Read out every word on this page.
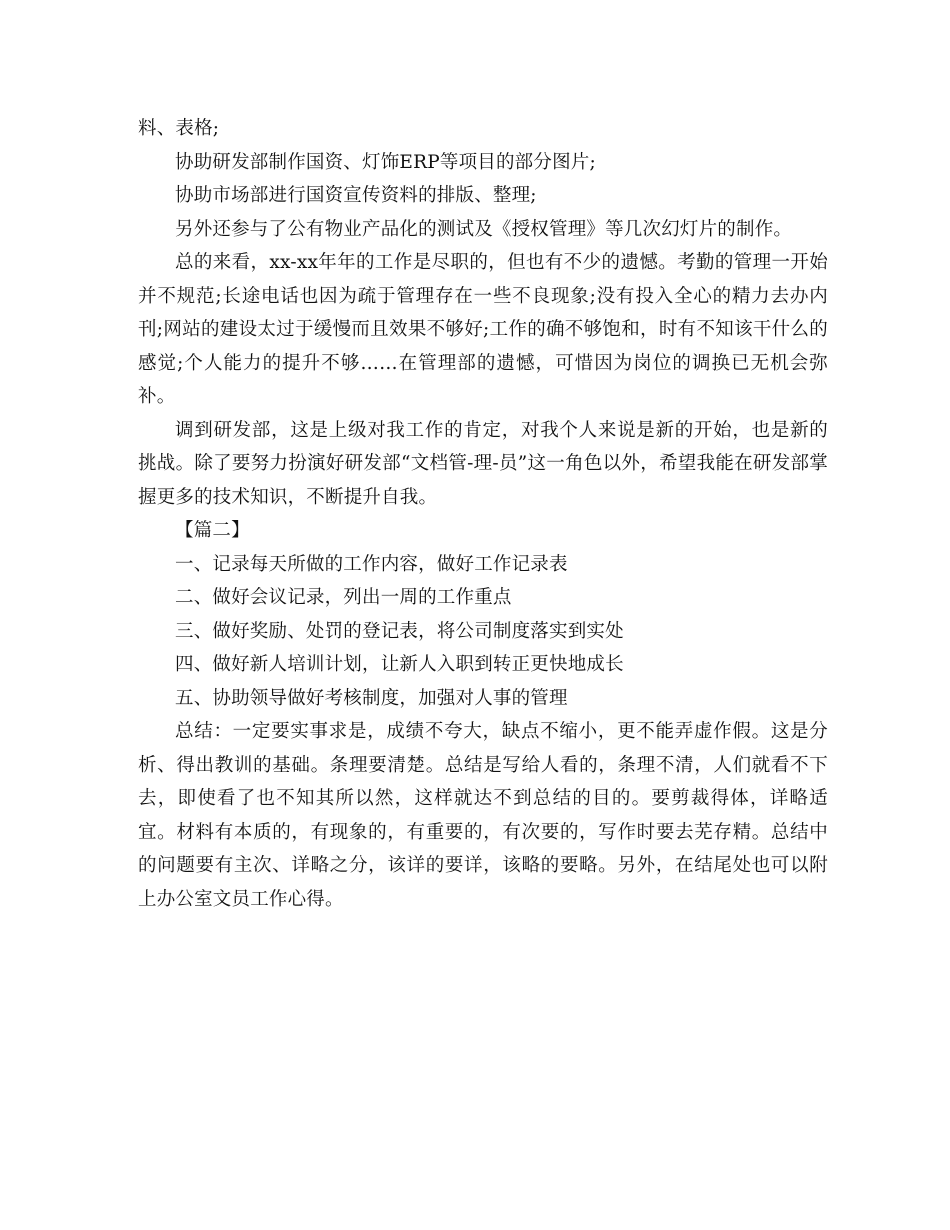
料、表格;

协助研发部制作国资、灯饰ERP等项目的部分图片;

协助市场部进行国资宣传资料的排版、整理;

另外还参与了公有物业产品化的测试及《授权管理》等几次幻灯片的制作。

总的来看，xx-xx年年的工作是尽职的，但也有不少的遗憾。考勤的管理一开始并不规范;长途电话也因为疏于管理存在一些不良现象;没有投入全心的精力去办内刊;网站的建设太过于缓慢而且效果不够好;工作的确不够饱和，时有不知该干什么的感觉;个人能力的提升不够……在管理部的遗憾，可惜因为岗位的调换已无机会弥补。

调到研发部，这是上级对我工作的肯定，对我个人来说是新的开始，也是新的挑战。除了要努力扮演好研发部“文档管-理-员”这一角色以外，希望我能在研发部掌握更多的技术知识，不断提升自我。

【篇二】

一、记录每天所做的工作内容，做好工作记录表

二、做好会议记录，列出一周的工作重点

三、做好奖励、处罚的登记表，将公司制度落实到实处

四、做好新人培训计划，让新人入职到转正更快地成长

五、协助领导做好考核制度，加强对人事的管理

总结：一定要实事求是，成绩不夸大，缺点不缩小，更不能弄虚作假。这是分析、得出教训的基础。条理要清楚。总结是写给人看的，条理不清，人们就看不下去，即使看了也不知其所以然，这样就达不到总结的目的。要剪裁得体，详略适宜。材料有本质的，有现象的，有重要的，有次要的，写作时要去芜存精。总结中的问题要有主次、详略之分，该详的要详，该略的要略。另外，在结尾处也可以附上办公室文员工作心得。
